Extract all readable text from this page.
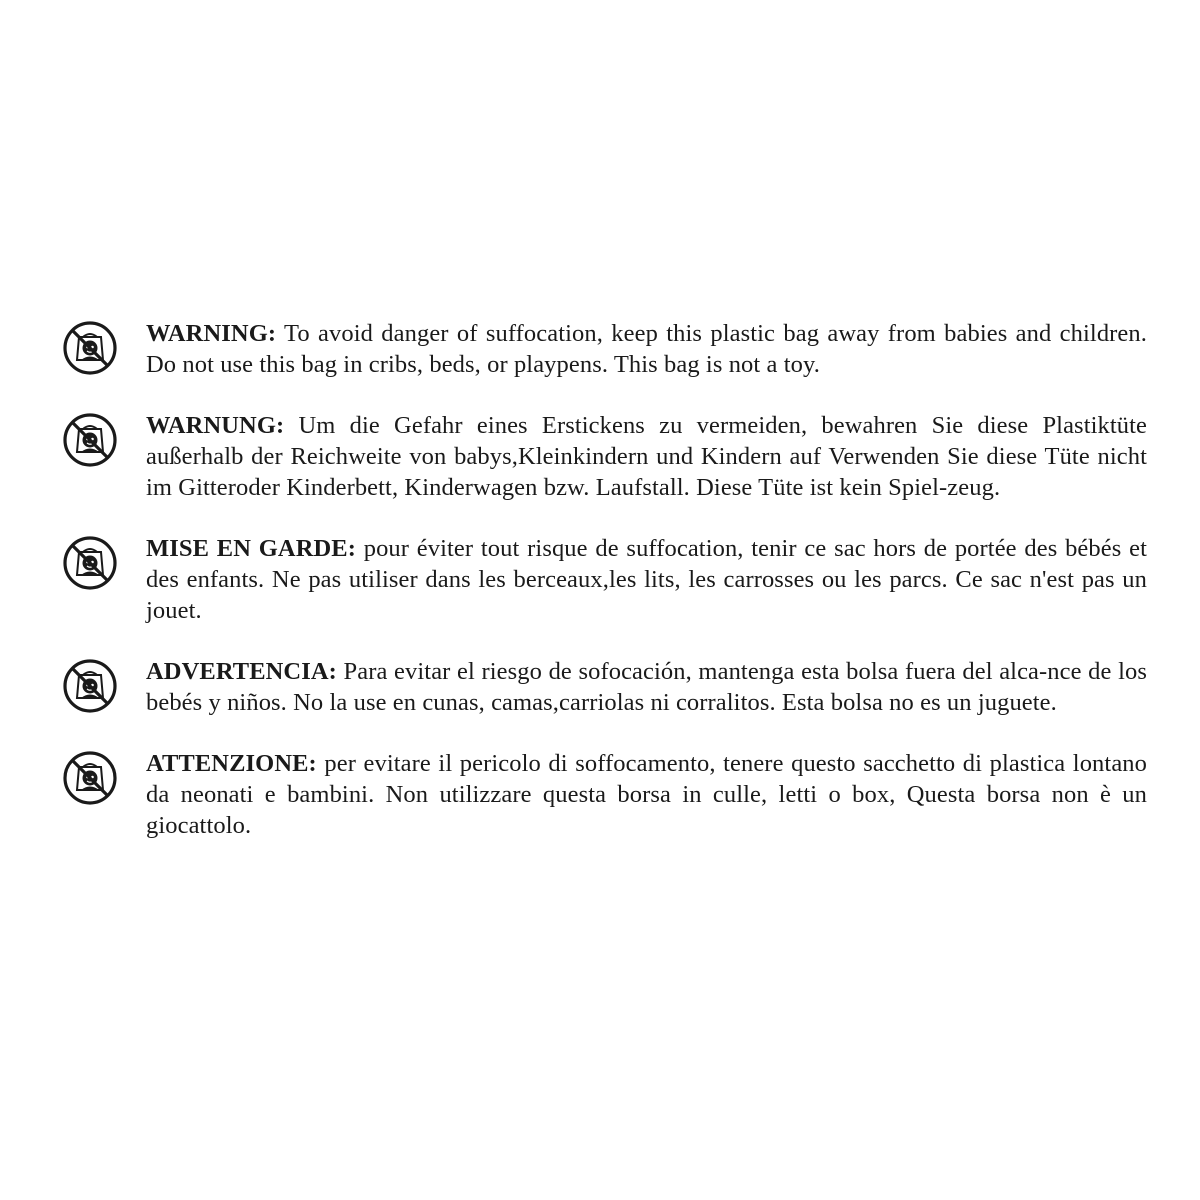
WARNING: To avoid danger of suffocation, keep this plastic bag away from babies and children. Do not use this bag in cribs, beds, or playpens. This bag is not a toy.
WARNUNG: Um die Gefahr eines Erstickens zu vermeiden, bewahren Sie diese Plastiktüte außerhalb der Reichweite von babys,Kleinkindern und Kindern auf Verwenden Sie diese Tüte nicht im Gitteroder Kinderbett, Kinderwagen bzw. Laufstall. Diese Tüte ist kein Spiel-zeug.
MISE EN GARDE: pour éviter tout risque de suffocation, tenir ce sac hors de portée des bébés et des enfants. Ne pas utiliser dans les berceaux,les lits, les carrosses ou les parcs. Ce sac n'est pas un jouet.
ADVERTENCIA: Para evitar el riesgo de sofocación, mantenga esta bolsa fuera del alca-nce de los bebés y niños. No la use en cunas, camas,carriolas ni corralitos. Esta bolsa no es un juguete.
ATTENZIONE: per evitare il pericolo di soffocamento, tenere questo sacchetto di plastica lontano da neonati e bambini. Non utilizzare questa borsa in culle, letti o box, Questa borsa non è un giocattolo.
